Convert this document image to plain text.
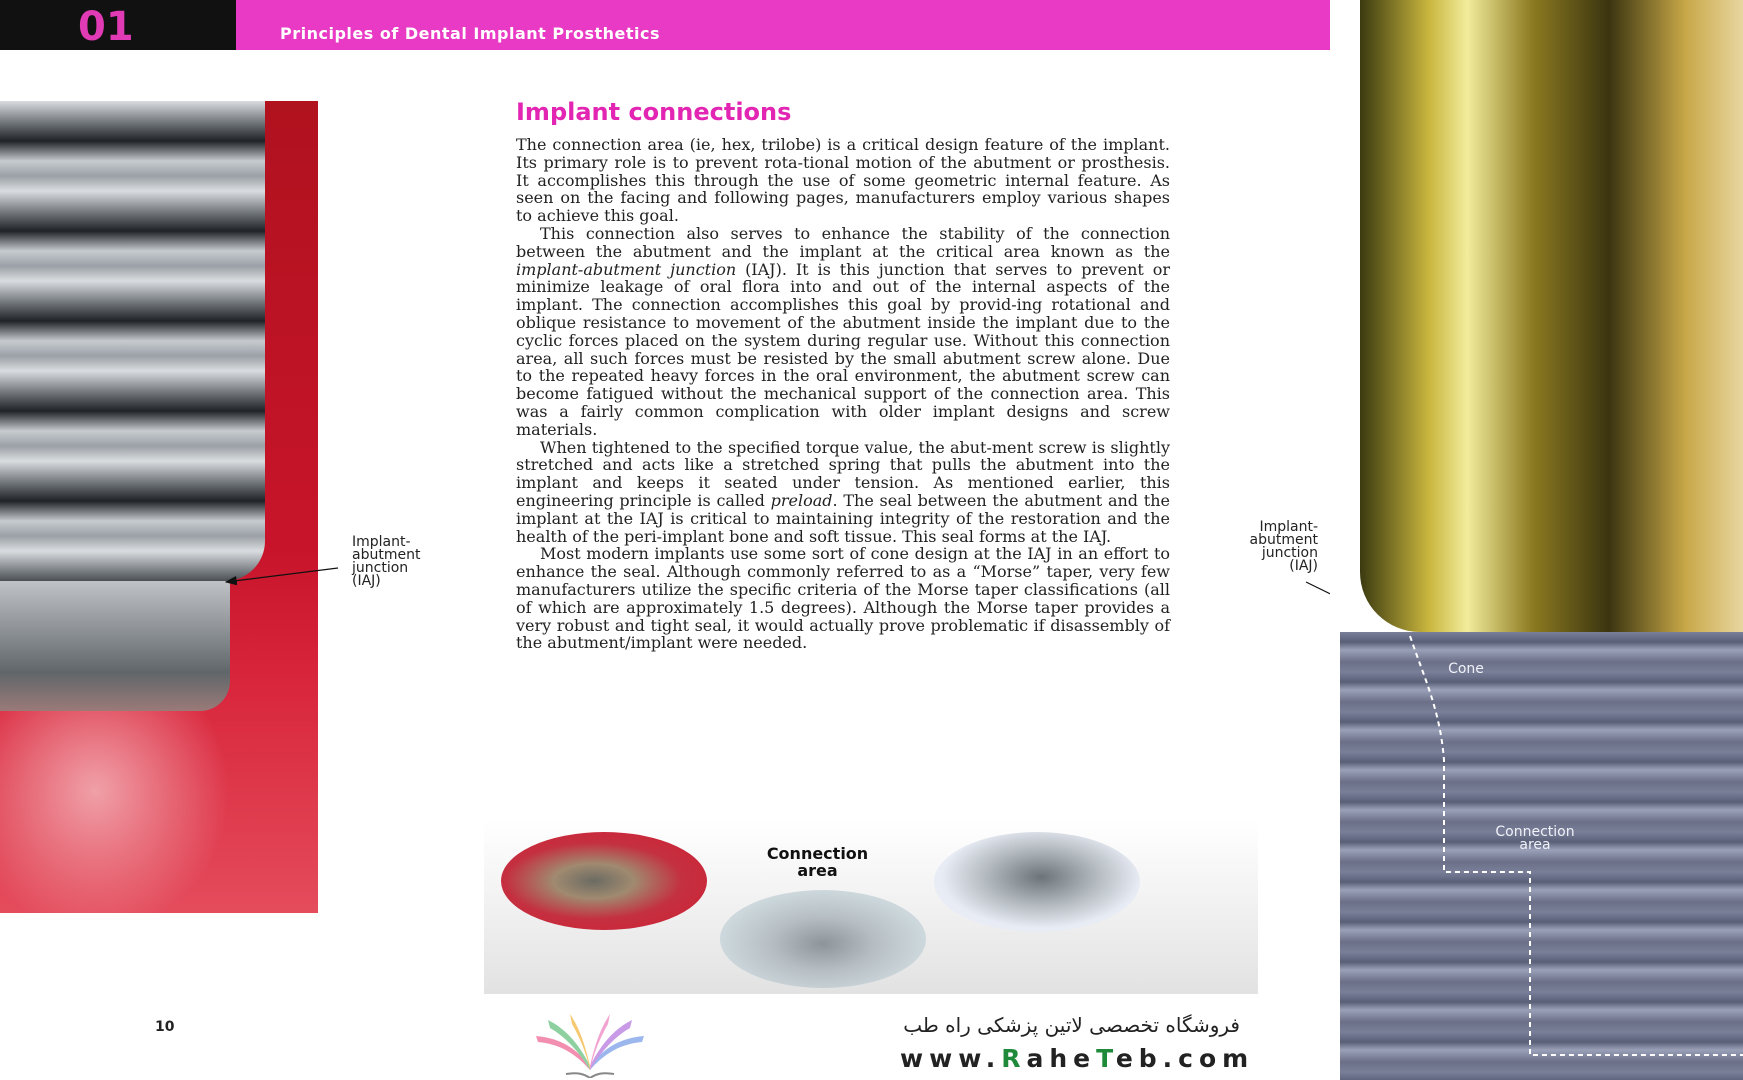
01	Principles of Dental Implant Prosthetics
Implant-
abutment
junction
(IAJ)
Implant connections

The connection area (ie, hex, trilobe) is a critical design feature of the implant. Its primary role is to prevent rota-tional motion of the abutment or prosthesis. It accomplishes this through the use of some geometric internal feature. As seen on the facing and following pages, manufacturers employ various shapes to achieve this goal.

This connection also serves to enhance the stability of the connection between the abutment and the implant at the critical area known as the implant-abutment junction (IAJ). It is this junction that serves to prevent or minimize leakage of oral flora into and out of the internal aspects of the implant. The connection accomplishes this goal by provid-ing rotational and oblique resistance to movement of the abutment inside the implant due to the cyclic forces placed on the system during regular use. Without this connection area, all such forces must be resisted by the small abutment screw alone. Due to the repeated heavy forces in the oral environment, the abutment screw can become fatigued without the mechanical support of the connection area. This was a fairly common complication with older implant designs and screw materials.

When tightened to the specified torque value, the abut-ment screw is slightly stretched and acts like a stretched spring that pulls the abutment into the implant and keeps it seated under tension. As mentioned earlier, this engineering principle is called preload. The seal between the abutment and the implant at the IAJ is critical to maintaining integrity of the restoration and the health of the peri-implant bone and soft tissue. This seal forms at the IAJ.

Most modern implants use some sort of cone design at the IAJ in an effort to enhance the seal. Although commonly referred to as a “Morse” taper, very few manufacturers utilize the specific criteria of the Morse taper classifications (all of which are approximately 1.5 degrees). Although the Morse taper provides a very robust and tight seal, it would actually prove problematic if disassembly of the abutment/implant were needed.

Connection
area
Cone
Connection
area
Implant-
abutment
junction
(IAJ)
10	فروشگاه تخصصی لاتین پزشکی راه طب
www.RaheTeb.com
